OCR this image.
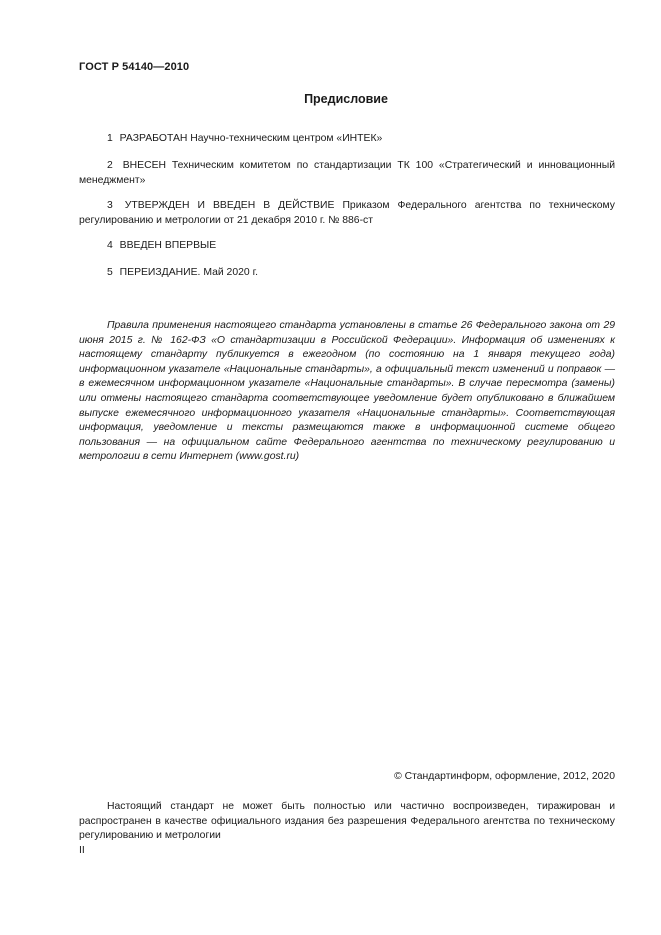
ГОСТ Р 54140—2010
Предисловие

1 РАЗРАБОТАН Научно-техническим центром «ИНТЕК»

2 ВНЕСЕН Техническим комитетом по стандартизации ТК 100 «Стратегический и инновационный менеджмент»

3 УТВЕРЖДЕН И ВВЕДЕН В ДЕЙСТВИЕ Приказом Федерального агентства по техническому регулированию и метрологии от 21 декабря 2010 г. № 886-ст

4 ВВЕДЕН ВПЕРВЫЕ

5 ПЕРЕИЗДАНИЕ. Май 2020 г.

Правила применения настоящего стандарта установлены в статье 26 Федерального закона от 29 июня 2015 г. № 162-ФЗ «О стандартизации в Российской Федерации». Информация об изменениях к настоящему стандарту публикуется в ежегодном (по состоянию на 1 января текущего года) информационном указателе «Национальные стандарты», а официальный текст изменений и поправок — в ежемесячном информационном указателе «Национальные стандарты». В случае пересмотра (замены) или отмены настоящего стандарта соответствующее уведомление будет опубликовано в ближайшем выпуске ежемесячного информационного указателя «Национальные стандарты». Соответствующая информация, уведомление и тексты размещаются также в информационной системе общего пользования — на официальном сайте Федерального агентства по техническому регулированию и метрологии в сети Интернет (www.gost.ru)

© Стандартинформ, оформление, 2012, 2020

Настоящий стандарт не может быть полностью или частично воспроизведен, тиражирован и распространен в качестве официального издания без разрешения Федерального агентства по техническому регулированию и метрологии

II
